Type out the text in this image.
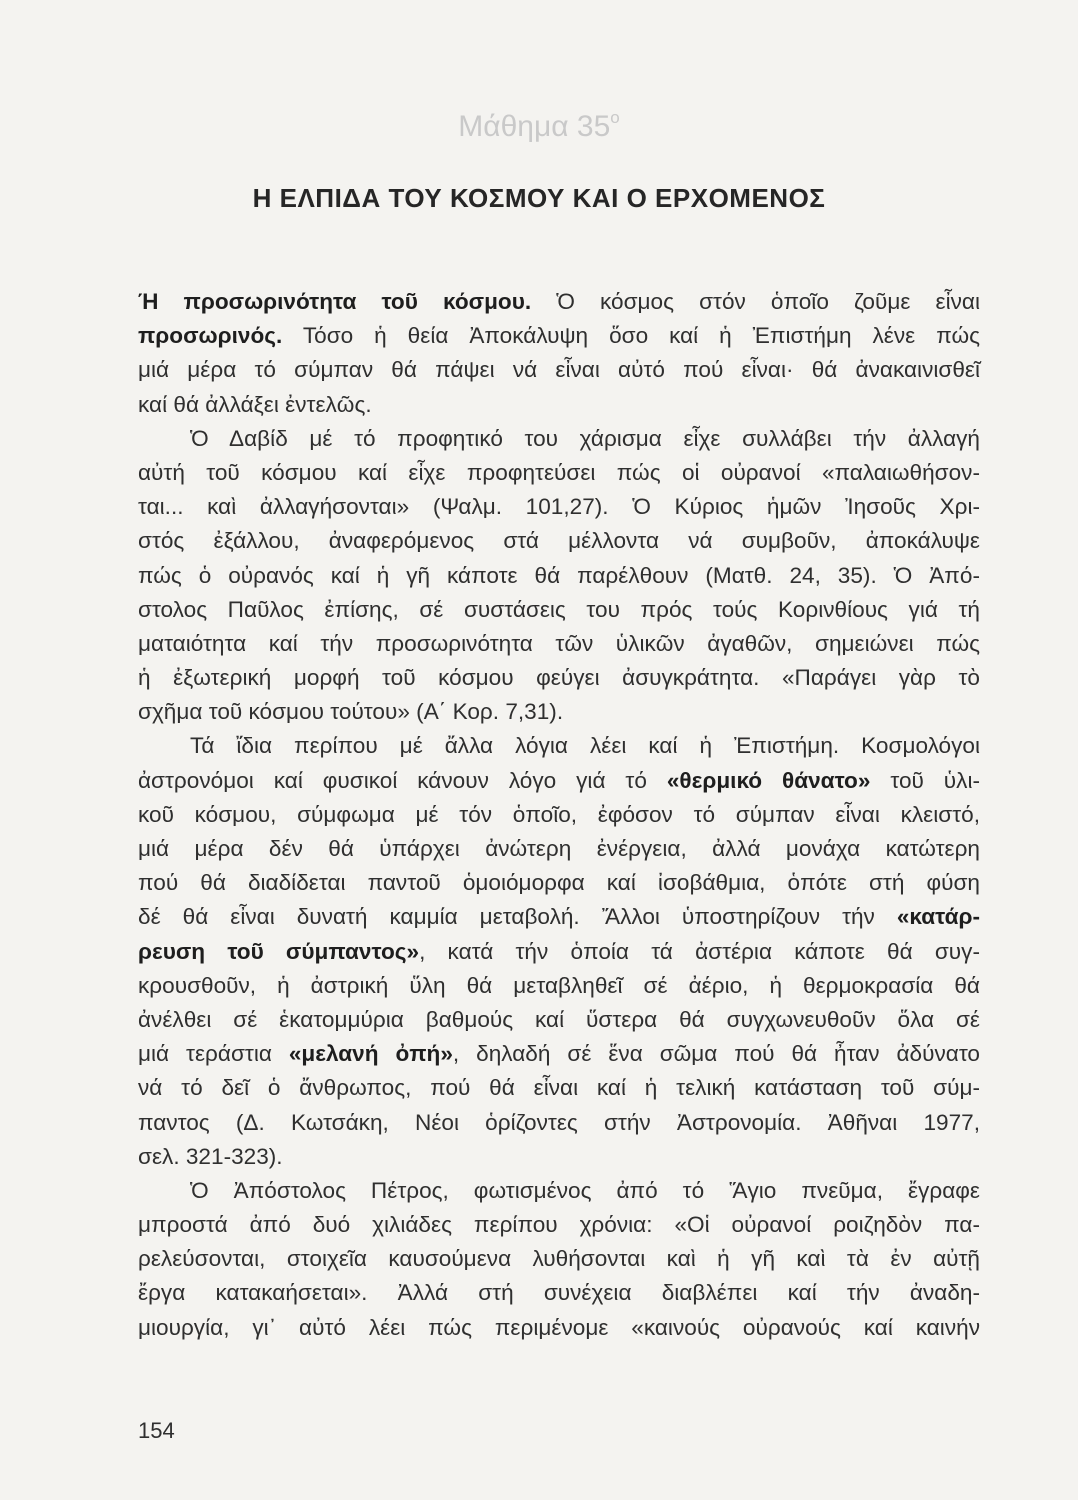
Μάθημα $35^o$
Η ΕΛΠΙΔΑ ΤΟΥ ΚΟΣΜΟΥ ΚΑΙ Ο ΕΡΧΟΜΕΝΟΣ
Ή προσωρινότητα τοῦ κόσμου. Ὁ κόσμος στόν ὁποῖο ζοῦμε εἶναι
προσωρινός. Τόσο ἡ θεία Ἀποκάλυψη ὅσο καί ἡ Ἐπιστήμη λένε πώς
μιά μέρα τό σύμπαν θά πάψει νά εἶναι αὐτό πού εἶναι· θά ἀνακαινισθεῖ
καί θά ἀλλάξει ἐντελῶς.
Ὁ Δαβίδ μέ τό προφητικό του χάρισμα εἶχε συλλάβει τήν ἀλλαγή
αὐτή τοῦ κόσμου καί εἶχε προφητεύσει πώς οἱ οὐρανοί «παλαιωθήσον-
ται... καὶ ἀλλαγήσονται» (Ψαλμ. 101,27). Ὁ Κύριος ἡμῶν Ἰησοῦς Χρι-
στός ἐξάλλου, ἀναφερόμενος στά μέλλοντα νά συμβοῦν, ἀποκάλυψε
πώς ὁ οὐρανός καί ἡ γῆ κάποτε θά παρέλθουν (Ματθ. 24, 35). Ὁ Ἀπό-
στολος Παῦλος ἐπίσης, σέ συστάσεις του πρός τούς Κορινθίους γιά τή
ματαιότητα καί τήν προσωρινότητα τῶν ὑλικῶν ἀγαθῶν, σημειώνει πώς
ἡ ἐξωτερική μορφή τοῦ κόσμου φεύγει ἀσυγκράτητα. «Παράγει γὰρ τὸ
σχῆμα τοῦ κόσμου τούτου» (Α΄ Κορ. 7,31).
Τά ἴδια περίπου μέ ἄλλα λόγια λέει καί ἡ Ἐπιστήμη. Κοσμολόγοι
ἀστρονόμοι καί φυσικοί κάνουν λόγο γιά τό «θερμικό θάνατο» τοῦ ὑλι-
κοῦ κόσμου, σύμφωμα μέ τόν ὁποῖο, ἐφόσον τό σύμπαν εἶναι κλειστό,
μιά μέρα δέν θά ὑπάρχει ἀνώτερη ἐνέργεια, ἀλλά μονάχα κατώτερη
πού θά διαδίδεται παντοῦ ὁμοιόμορφα καί ἰσοβάθμια, ὁπότε στή φύση
δέ θά εἶναι δυνατή καμμία μεταβολή. Ἄλλοι ὑποστηρίζουν τήν «κατάρ-
ρευση τοῦ σύμπαντος», κατά τήν ὁποία τά ἀστέρια κάποτε θά συγ-
κρουσθοῦν, ἡ ἀστρική ὕλη θά μεταβληθεῖ σέ ἀέριο, ἡ θερμοκρασία θά
ἀνέλθει σέ ἑκατομμύρια βαθμούς καί ὕστερα θά συγχωνευθοῦν ὅλα σέ
μιά τεράστια «μελανή ὀπή», δηλαδή σέ ἕνα σῶμα πού θά ἦταν ἀδύνατο
νά τό δεῖ ὁ ἄνθρωπος, πού θά εἶναι καί ἡ τελική κατάσταση τοῦ σύμ-
παντος (Δ. Κωτσάκη, Νέοι ὁρίζοντες στήν Ἀστρονομία. Ἀθῆναι 1977,
σελ. 321-323).
Ὁ Ἀπόστολος Πέτρος, φωτισμένος ἀπό τό Ἅγιο πνεῦμα, ἔγραφε
μπροστά ἀπό δυό χιλιάδες περίπου χρόνια: «Οἱ οὐρανοί ροιζηδὸν πα-
ρελεύσονται, στοιχεῖα καυσούμενα λυθήσονται καὶ ἡ γῆ καὶ τὰ ἐν αὐτῇ
ἔργα κατακαήσεται». Ἀλλά στή συνέχεια διαβλέπει καί τήν ἀναδη-
μιουργία, γι᾽ αὐτό λέει πώς περιμένομε «καινούς οὐρανούς καί καινήν
154
